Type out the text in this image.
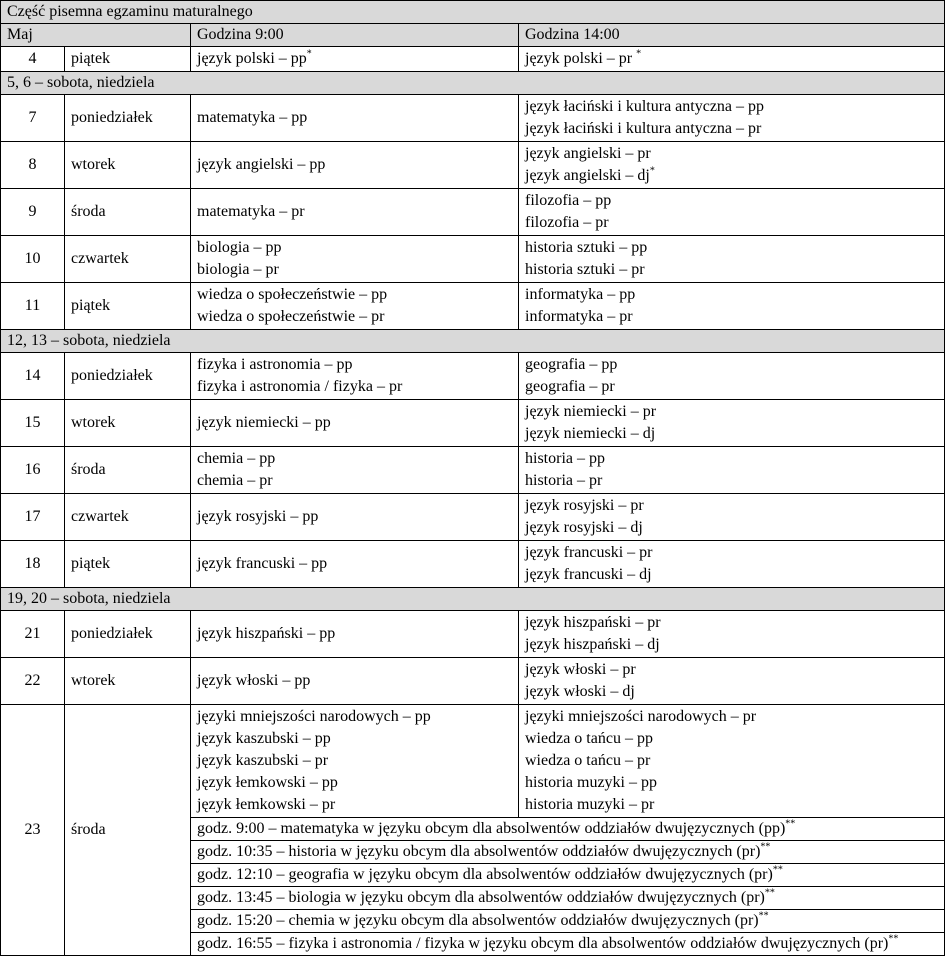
Część pisemna egzaminu maturalnego			
Maj		Godzina 9:00	Godzina 14:00
4	piątek	język polski – pp*	język polski – pr *

5, 6 – sobota, niedziela			
7	poniedziałek	matematyka – pp	język łaciński i kultura antyczna – pp
język łaciński i kultura antyczna – pr

8	wtorek	język angielski – pp	język angielski – pr
język angielski – dj*

9	środa	matematyka – pr	filozofia – pp
filozofia – pr

10	czwartek	biologia – pp
biologia – pr	historia sztuki – pp
historia sztuki – pr

11	piątek	wiedza o społeczeństwie – pp
wiedza o społeczeństwie – pr	informatyka – pp
informatyka – pr

12, 13 – sobota, niedziela			
14	poniedziałek	fizyka i astronomia – pp
fizyka i astronomia / fizyka – pr	geografia – pp
geografia – pr

15	wtorek	język niemiecki – pp	język niemiecki – pr
język niemiecki – dj

16	środa	chemia – pp
chemia – pr	historia – pp
historia – pr

17	czwartek	język rosyjski – pp	język rosyjski – pr
język rosyjski – dj

18	piątek	język francuski – pp	język francuski – pr
język francuski – dj

19, 20 – sobota, niedziela			
21	poniedziałek	język hiszpański – pp	język hiszpański – pr
język hiszpański – dj

22	wtorek	język włoski – pp	język włoski – pr
język włoski – dj

23	środa	języki mniejszości narodowych – pp
język kaszubski – pp
język kaszubski – pr
język łemkowski – pp
język łemkowski – pr	języki mniejszości narodowych – pr
wiedza o tańcu – pp
wiedza o tańcu – pr
historia muzyki – pp
historia muzyki – pr

		godz. 9:00 – matematyka w języku obcym dla absolwentów oddziałów dwujęzycznych (pp)**
		godz. 10:35 – historia w języku obcym dla absolwentów oddziałów dwujęzycznych (pr)**
		godz. 12:10 – geografia w języku obcym dla absolwentów oddziałów dwujęzycznych (pr)**
		godz. 13:45 – biologia w języku obcym dla absolwentów oddziałów dwujęzycznych (pr)**
		godz. 15:20 – chemia w języku obcym dla absolwentów oddziałów dwujęzycznych (pr)**
		godz. 16:55 – fizyka i astronomia / fizyka w języku obcym dla absolwentów oddziałów dwujęzycznych (pr)**
